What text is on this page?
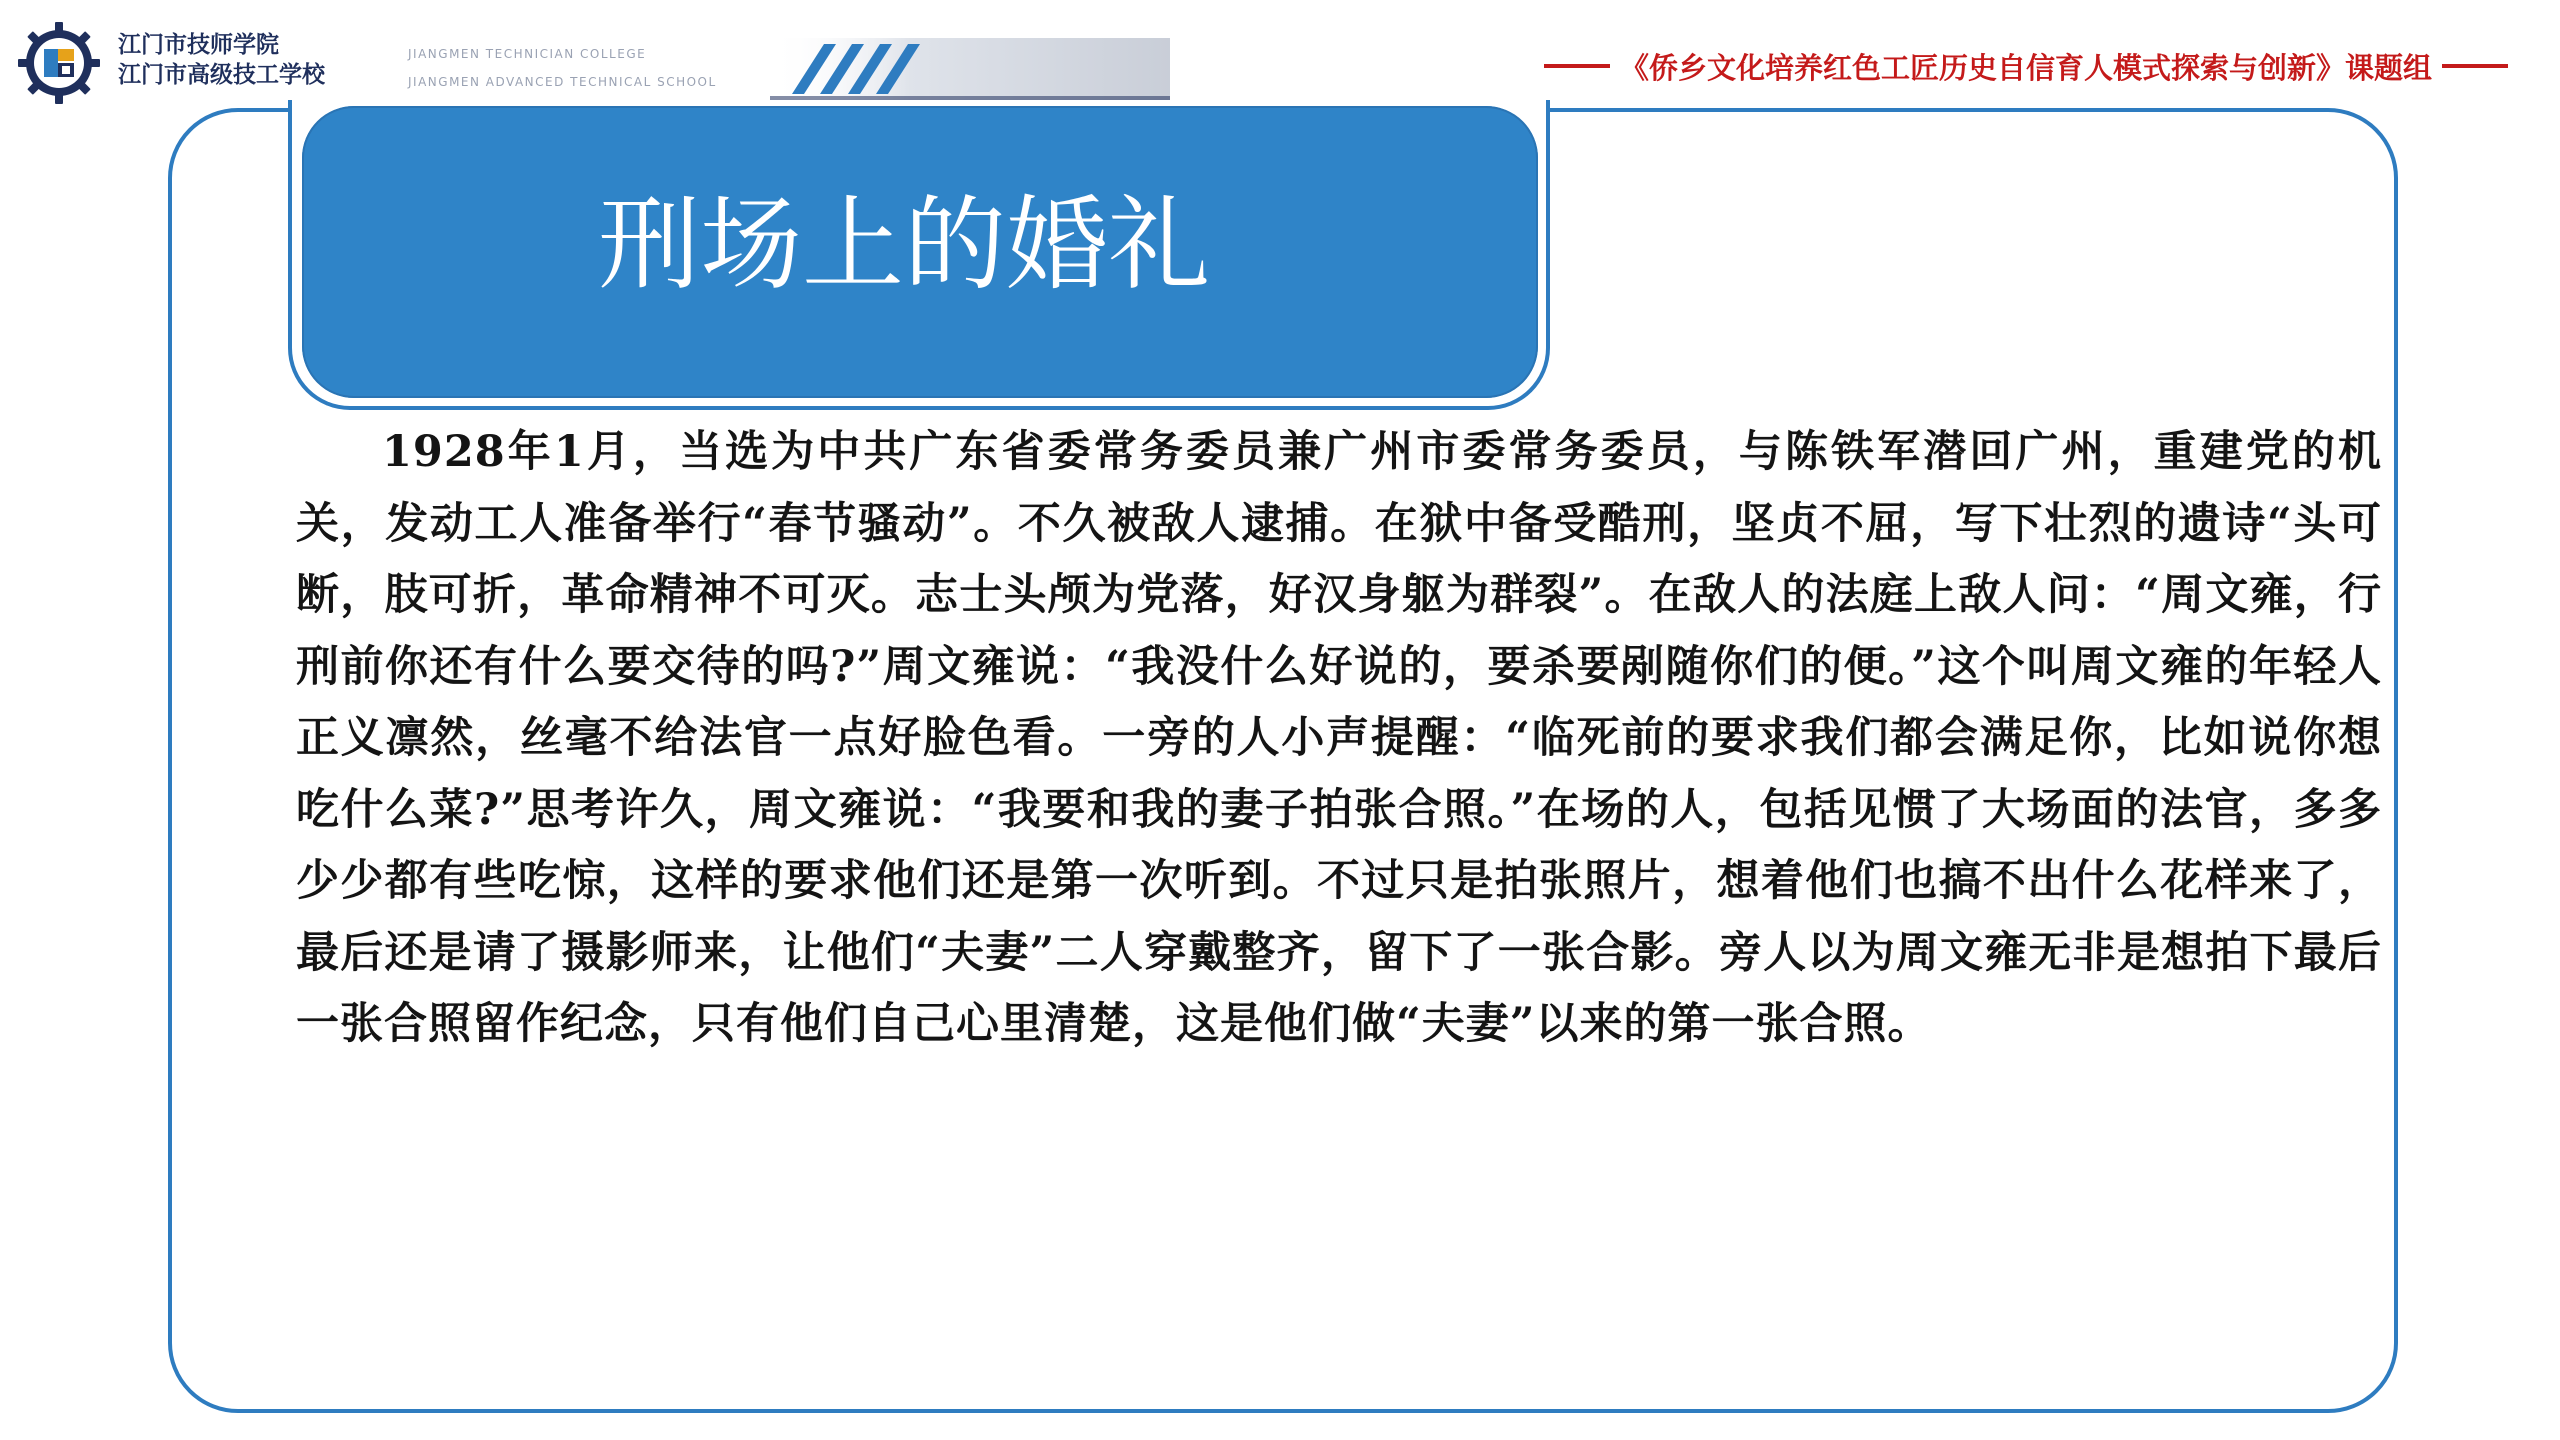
江门市技师学院
江门市高级技工学校
JIANGMEN TECHNICIAN COLLEGE
JIANGMEN ADVANCED TECHNICAL SCHOOL	《侨乡文化培养红色工匠历史自信育人模式探索与创新》课题组
刑场上的婚礼

1928年1月，当选为中共广东省委常务委员兼广州市委常务委员，与陈铁军潜回广州，重建党的机关，发动工人准备举行“春节骚动”。不久被敌人逮捕。在狱中备受酷刑，坚贞不屈，写下壮烈的遗诗“头可断，肢可折，革命精神不可灭。志士头颅为党落，好汉身躯为群裂”。在敌人的法庭上敌人问：“周文雍，行刑前你还有什么要交待的吗?”周文雍说：“我没什么好说的，要杀要剐随你们的便。”这个叫周文雍的年轻人正义凛然，丝毫不给法官一点好脸色看。一旁的人小声提醒：“临死前的要求我们都会满足你，比如说你想吃什么菜?”思考许久，周文雍说：“我要和我的妻子拍张合照。”在场的人，包括见惯了大场面的法官，多多少少都有些吃惊，这样的要求他们还是第一次听到。不过只是拍张照片，想着他们也搞不出什么花样来了，最后还是请了摄影师来，让他们“夫妻”二人穿戴整齐，留下了一张合影。旁人以为周文雍无非是想拍下最后一张合照留作纪念，只有他们自己心里清楚，这是他们做“夫妻”以来的第一张合照。
